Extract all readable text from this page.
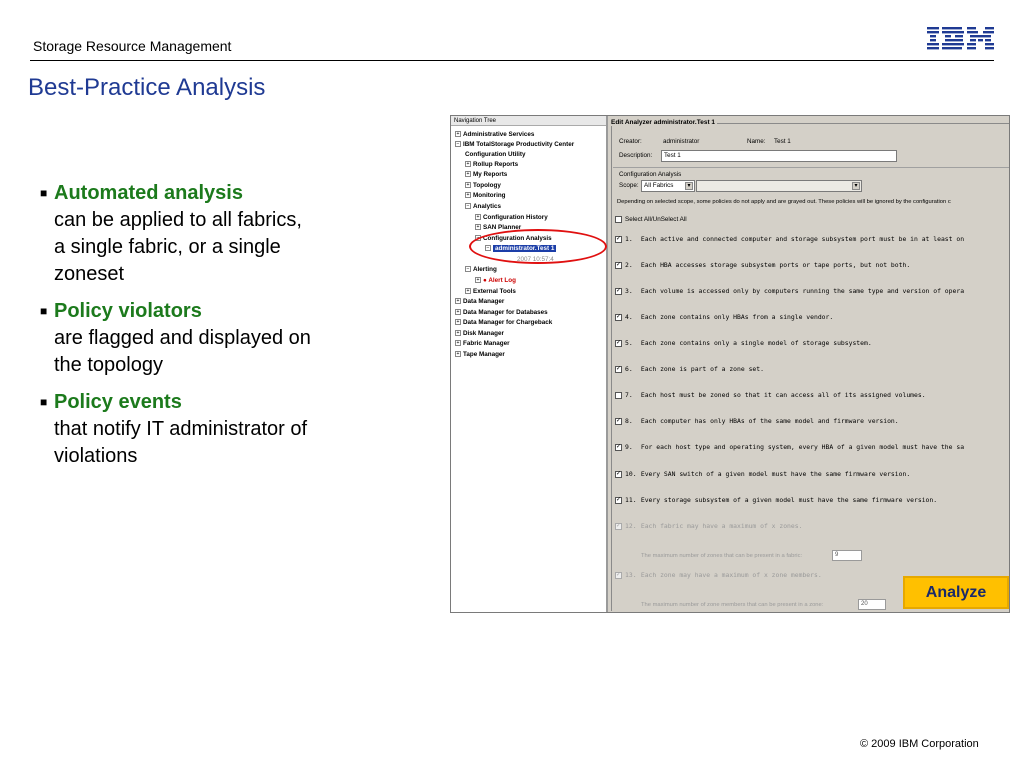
Storage Resource Management
Best-Practice Analysis
■ Automated analysis
can be applied to all fabrics,
a single fabric, or a single
zoneset
■ Policy violators
are flagged and displayed on
the topology
■ Policy events
that notify IT administrator of
violations
Navigation Tree
+ Administrative Services
− IBM TotalStorage Productivity Center
Configuration Utility
+ Rollup Reports
+ My Reports
+ Topology
+ Monitoring
− Analytics
+ Configuration History
+ SAN Planner
− Configuration Analysis
− administrator.Test 1
2007 10:57:4
− Alerting
+ ● Alert Log
+ External Tools
+ Data Manager
+ Data Manager for Databases
+ Data Manager for Chargeback
+ Disk Manager
+ Fabric Manager
+ Tape Manager
Edit Analyzer administrator.Test 1
Creator:	administrator	Name: Test 1
Description:	Test 1
Configuration Analysis
Scope: All Fabrics	▾	▾
Depending on selected scope, some policies do not apply and are grayed out. These policies will be ignored by the configuration c
Select All/UnSelect All
✓ 1. Each active and connected computer and storage subsystem port must be in at least on
✓ 2. Each HBA accesses storage subsystem ports or tape ports, but not both.
✓ 3. Each volume is accessed only by computers running the same type and version of opera
✓ 4. Each zone contains only HBAs from a single vendor.
✓ 5. Each zone contains only a single model of storage subsystem.
✓ 6. Each zone is part of a zone set.
7. Each host must be zoned so that it can access all of its assigned volumes.
✓ 8. Each computer has only HBAs of the same model and firmware version.
✓ 9. For each host type and operating system, every HBA of a given model must have the sa
✓ 10. Every SAN switch of a given model must have the same firmware version.
✓ 11. Every storage subsystem of a given model must have the same firmware version.
✓ 12. Each fabric may have a maximum of x zones.
✓ 13. Each zone may have a maximum of x zone members.
The maximum number of zones that can be present in a fabric:	9
The maximum number of zone members that can be present in a zone:	20
Analyze
© 2009 IBM Corporation
